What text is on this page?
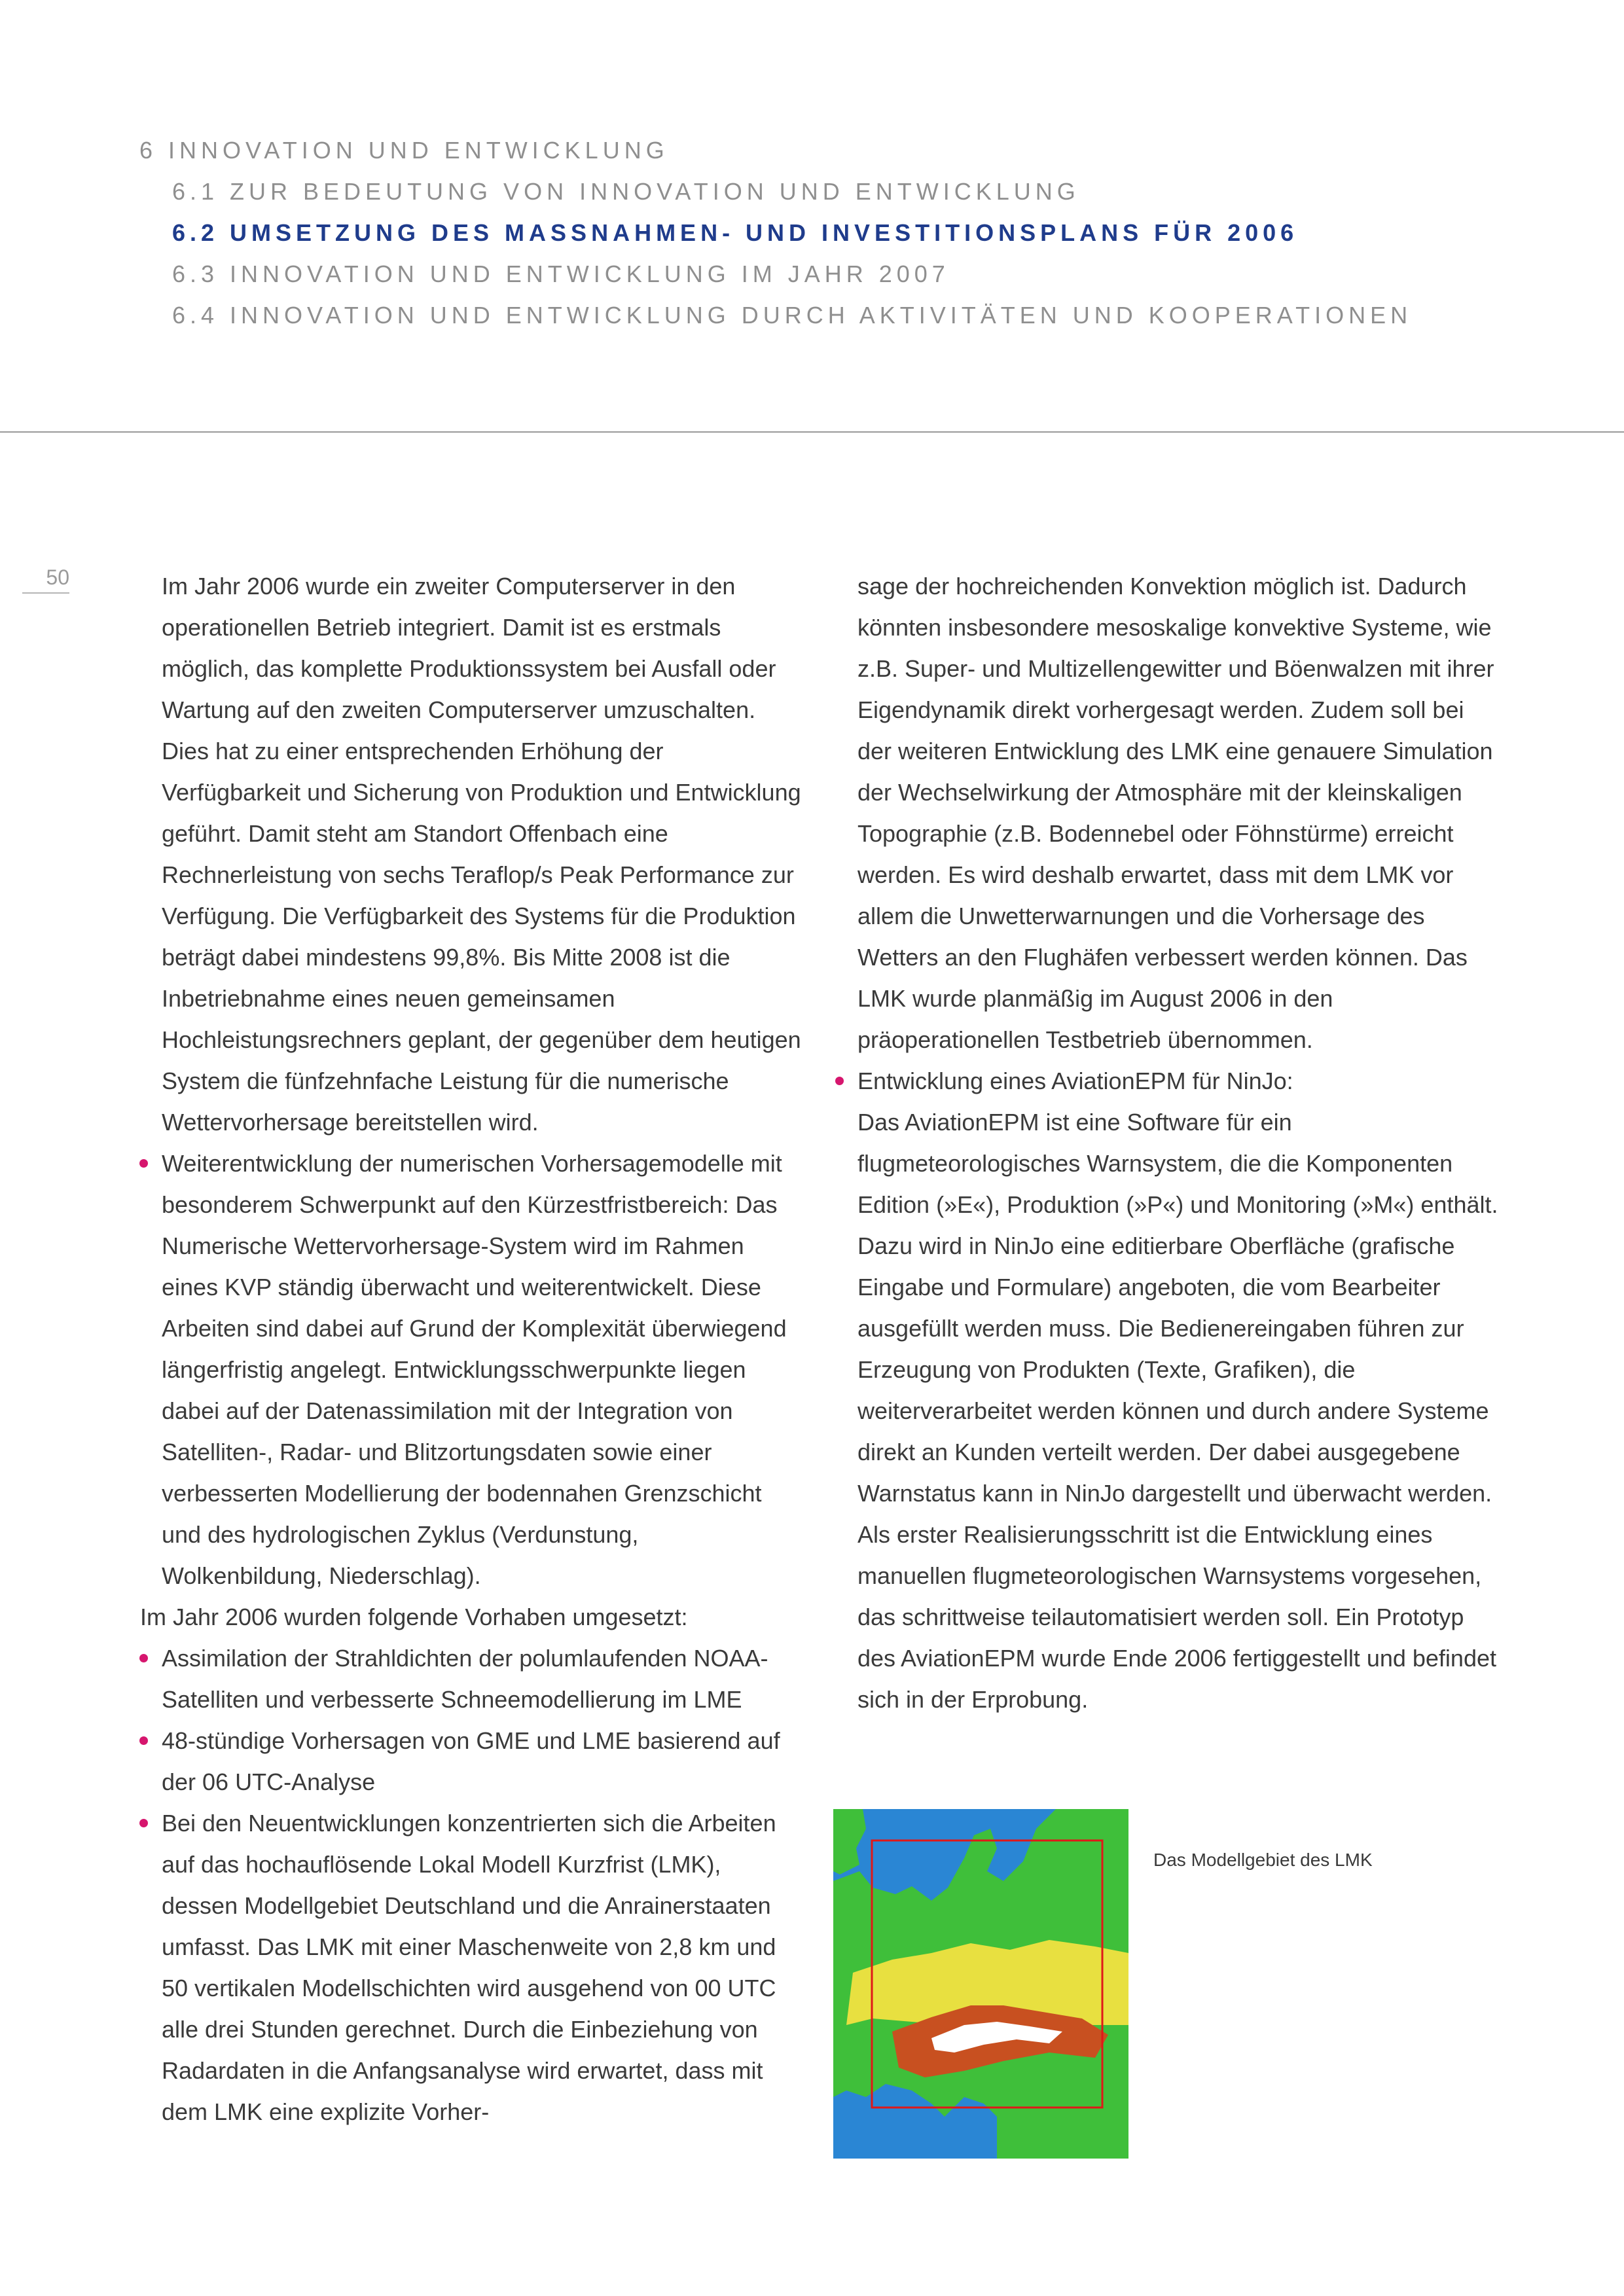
6 INNOVATION UND ENTWICKLUNG
6.1 ZUR BEDEUTUNG VON INNOVATION UND ENTWICKLUNG
6.2 UMSETZUNG DES MASSNAHMEN- UND INVESTITIONSPLANS FÜR 2006
6.3 INNOVATION UND ENTWICKLUNG IM JAHR 2007
6.4 INNOVATION UND ENTWICKLUNG DURCH AKTIVITÄTEN UND KOOPERATIONEN
50	Im Jahr 2006 wurde ein zweiter Computerserver in den operationellen Betrieb integriert. Damit ist es erstmals möglich, das komplette Produktionssystem bei Ausfall oder Wartung auf den zweiten Computerserver umzuschalten. Dies hat zu einer entsprechenden Erhöhung der Verfügbarkeit und Sicherung von Produktion und Entwicklung geführt. Damit steht am Standort Offenbach eine Rechnerleistung von sechs Teraflop/s Peak Performance zur Verfügung. Die Verfügbarkeit des Systems für die Produktion beträgt dabei mindestens 99,8%. Bis Mitte 2008 ist die Inbetriebnahme eines neuen gemeinsamen Hochleistungsrechners geplant, der gegenüber dem heutigen System die fünfzehnfache Leistung für die numerische Wettervorhersage bereitstellen wird.
Weiterentwicklung der numerischen Vorhersagemodelle mit besonderem Schwerpunkt auf den Kürzestfristbereich: Das Numerische Wettervorhersage-System wird im Rahmen eines KVP ständig überwacht und weiterentwickelt. Diese Arbeiten sind dabei auf Grund der Komplexität überwiegend längerfristig angelegt. Entwicklungsschwerpunkte liegen dabei auf der Datenassimilation mit der Integration von Satelliten-, Radar- und Blitzortungsdaten sowie einer verbesserten Modellierung der bodennahen Grenzschicht und des hydrologischen Zyklus (Verdunstung, Wolkenbildung, Niederschlag).
Im Jahr 2006 wurden folgende Vorhaben umgesetzt:
Assimilation der Strahldichten der polumlaufenden NOAA-Satelliten und verbesserte Schneemodellierung im LME
48-stündige Vorhersagen von GME und LME basierend auf der 06 UTC-Analyse
Bei den Neuentwicklungen konzentrierten sich die Arbeiten auf das hochauflösende Lokal Modell Kurzfrist (LMK), dessen Modellgebiet Deutschland und die Anrainerstaaten umfasst. Das LMK mit einer Maschenweite von 2,8 km und 50 vertikalen Modellschichten wird ausgehend von 00 UTC alle drei Stunden gerechnet. Durch die Einbeziehung von Radardaten in die Anfangsanalyse wird erwartet, dass mit dem LMK eine explizite Vorher-
sage der hochreichenden Konvektion möglich ist. Dadurch könnten insbesondere mesoskalige konvektive Systeme, wie z.B. Super- und Multizellengewitter und Böenwalzen mit ihrer Eigendynamik direkt vorhergesagt werden. Zudem soll bei der weiteren Entwicklung des LMK eine genauere Simulation der Wechselwirkung der Atmosphäre mit der kleinskaligen Topographie (z.B. Bodennebel oder Föhnstürme) erreicht werden. Es wird deshalb erwartet, dass mit dem LMK vor allem die Unwetterwarnungen und die Vorhersage des Wetters an den Flughäfen verbessert werden können. Das LMK wurde planmäßig im August 2006 in den präoperationellen Testbetrieb übernommen.
Entwicklung eines AviationEPM für NinJo:
Das AviationEPM ist eine Software für ein flugmeteorologisches Warnsystem, die die Komponenten Edition (»E«), Produktion (»P«) und Monitoring (»M«) enthält. Dazu wird in NinJo eine editierbare Oberfläche (grafische Eingabe und Formulare) angeboten, die vom Bearbeiter ausgefüllt werden muss. Die Bedienereingaben führen zur Erzeugung von Produkten (Texte, Grafiken), die weiterverarbeitet werden können und durch andere Systeme direkt an Kunden verteilt werden. Der dabei ausgegebene Warnstatus kann in NinJo dargestellt und überwacht werden. Als erster Realisierungsschritt ist die Entwicklung eines manuellen flugmeteorologischen Warnsystems vorgesehen, das schrittweise teilautomatisiert werden soll. Ein Prototyp des AviationEPM wurde Ende 2006 fertiggestellt und befindet sich in der Erprobung.
Das Modellgebiet des LMK
